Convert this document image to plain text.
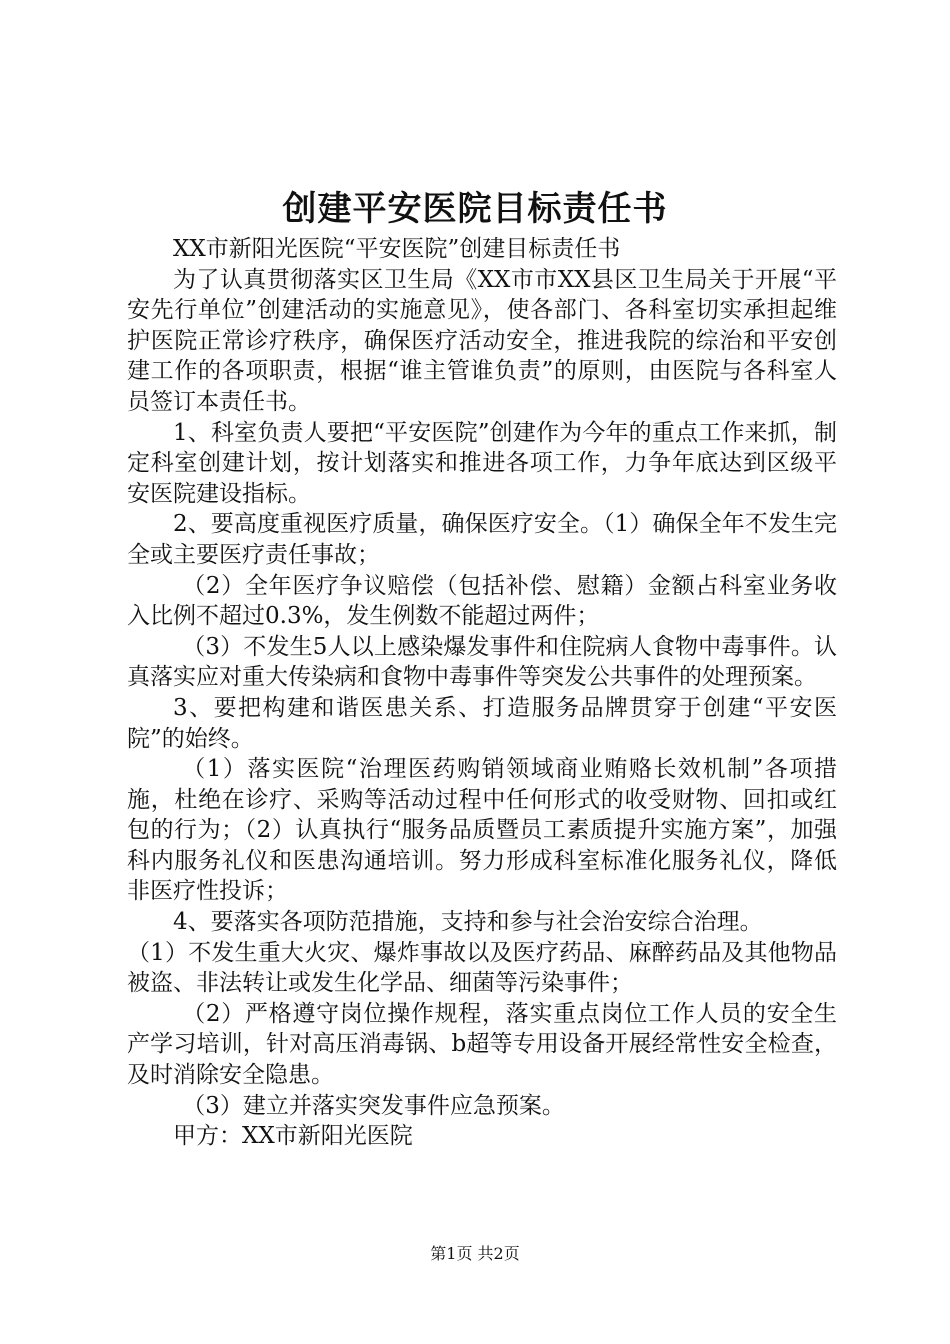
创建平安医院目标责任书

XX市新阳光医院“平安医院”创建目标责任书

为了认真贯彻落实区卫生局《XX市市XX县区卫生局关于开展“平安先行单位”创建活动的实施意见》，使各部门、各科室切实承担起维护医院正常诊疗秩序，确保医疗活动安全，推进我院的综治和平安创建工作的各项职责，根据“谁主管谁负责”的原则，由医院与各科室人员签订本责任书。

1、科室负责人要把“平安医院”创建作为今年的重点工作来抓，制定科室创建计划，按计划落实和推进各项工作，力争年底达到区级平安医院建设指标。

2、要高度重视医疗质量，确保医疗安全。（1）确保全年不发生完全或主要医疗责任事故；

（2）全年医疗争议赔偿（包括补偿、慰籍）金额占科室业务收入比例不超过0.3%，发生例数不能超过两件；

（3）不发生5人以上感染爆发事件和住院病人食物中毒事件。认真落实应对重大传染病和食物中毒事件等突发公共事件的处理预案。

3、要把构建和谐医患关系、打造服务品牌贯穿于创建“平安医院”的始终。

（1）落实医院“治理医药购销领域商业贿赂长效机制”各项措施，杜绝在诊疗、采购等活动过程中任何形式的收受财物、回扣或红包的行为；（2）认真执行“服务品质暨员工素质提升实施方案”，加强科内服务礼仪和医患沟通培训。努力形成科室标准化服务礼仪，降低非医疗性投诉；

4、要落实各项防范措施，支持和参与社会治安综合治理。

（1）不发生重大火灾、爆炸事故以及医疗药品、麻醉药品及其他物品被盗、非法转让或发生化学品、细菌等污染事件；

（2）严格遵守岗位操作规程，落实重点岗位工作人员的安全生产学习培训，针对高压消毒锅、b超等专用设备开展经常性安全检查，及时消除安全隐患。

（3）建立并落实突发事件应急预案。

甲方：XX市新阳光医院

第1页 共2页
